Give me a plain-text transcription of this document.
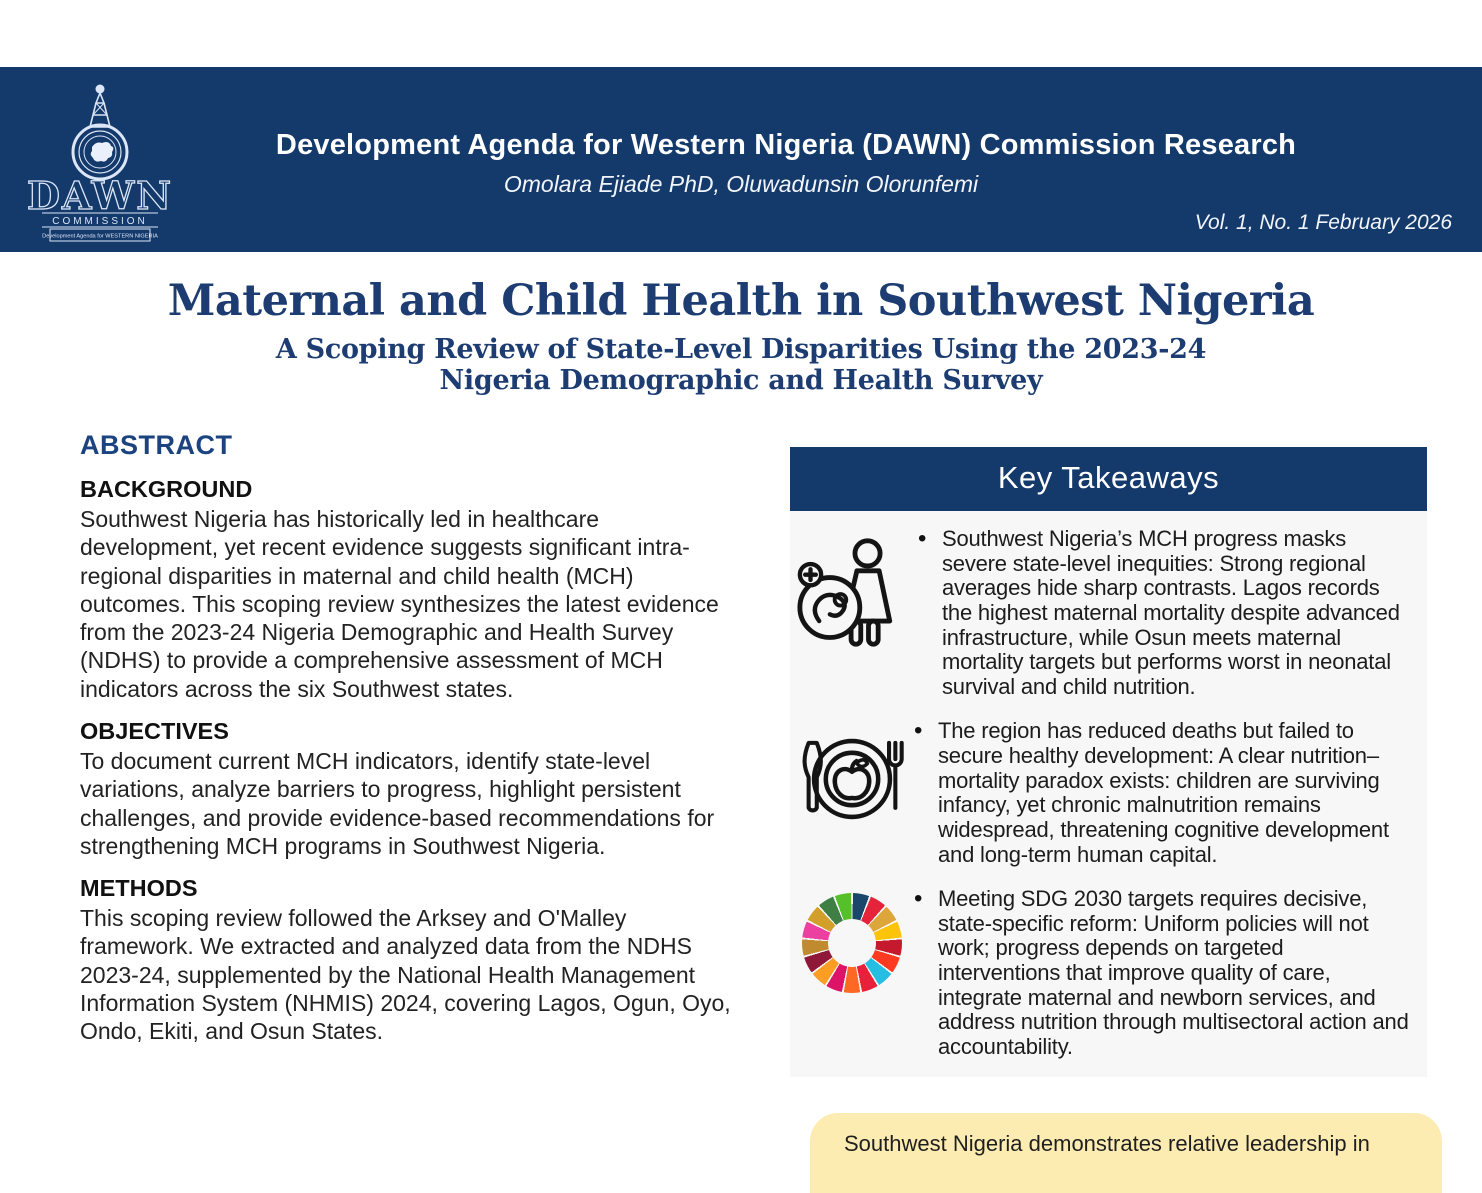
DAWN
COMMISSION
Development Agenda for WESTERN NIGERIA
Development Agenda for Western Nigeria (DAWN) Commission Research
Omolara Ejiade PhD, Oluwadunsin Olorunfemi
Vol. 1, No. 1 February 2026
Maternal and Child Health in Southwest Nigeria
A Scoping Review of State-Level Disparities Using the 2023-24 Nigeria Demographic and Health Survey
ABSTRACT
BACKGROUND

Southwest Nigeria has historically led in healthcare development, yet recent evidence suggests significant intra-regional disparities in maternal and child health (MCH) outcomes. This scoping review synthesizes the latest evidence from the 2023-24 Nigeria Demographic and Health Survey (NDHS) to provide a comprehensive assessment of MCH indicators across the six Southwest states.

OBJECTIVES

To document current MCH indicators, identify state-level variations, analyze barriers to progress, highlight persistent challenges, and provide evidence-based recommendations for strengthening MCH programs in Southwest Nigeria.

METHODS

This scoping review followed the Arksey and O'Malley framework. We extracted and analyzed data from the NDHS 2023-24, supplemented by the National Health Management Information System (NHMIS) 2024, covering Lagos, Ogun, Oyo, Ondo, Ekiti, and Osun States.

Key Takeaways

• Southwest Nigeria’s MCH progress masks severe state-level inequities: Strong regional averages hide sharp contrasts. Lagos records the highest maternal mortality despite advanced infrastructure, while Osun meets maternal mortality targets but performs worst in neonatal survival and child nutrition.

• The region has reduced deaths but failed to secure healthy development: A clear nutrition–mortality paradox exists: children are surviving infancy, yet chronic malnutrition remains widespread, threatening cognitive development and long-term human capital.

• Meeting SDG 2030 targets requires decisive, state-specific reform: Uniform policies will not work; progress depends on targeted interventions that improve quality of care, integrate maternal and newborn services, and address nutrition through multisectoral action and accountability.

Southwest Nigeria demonstrates relative leadership in
